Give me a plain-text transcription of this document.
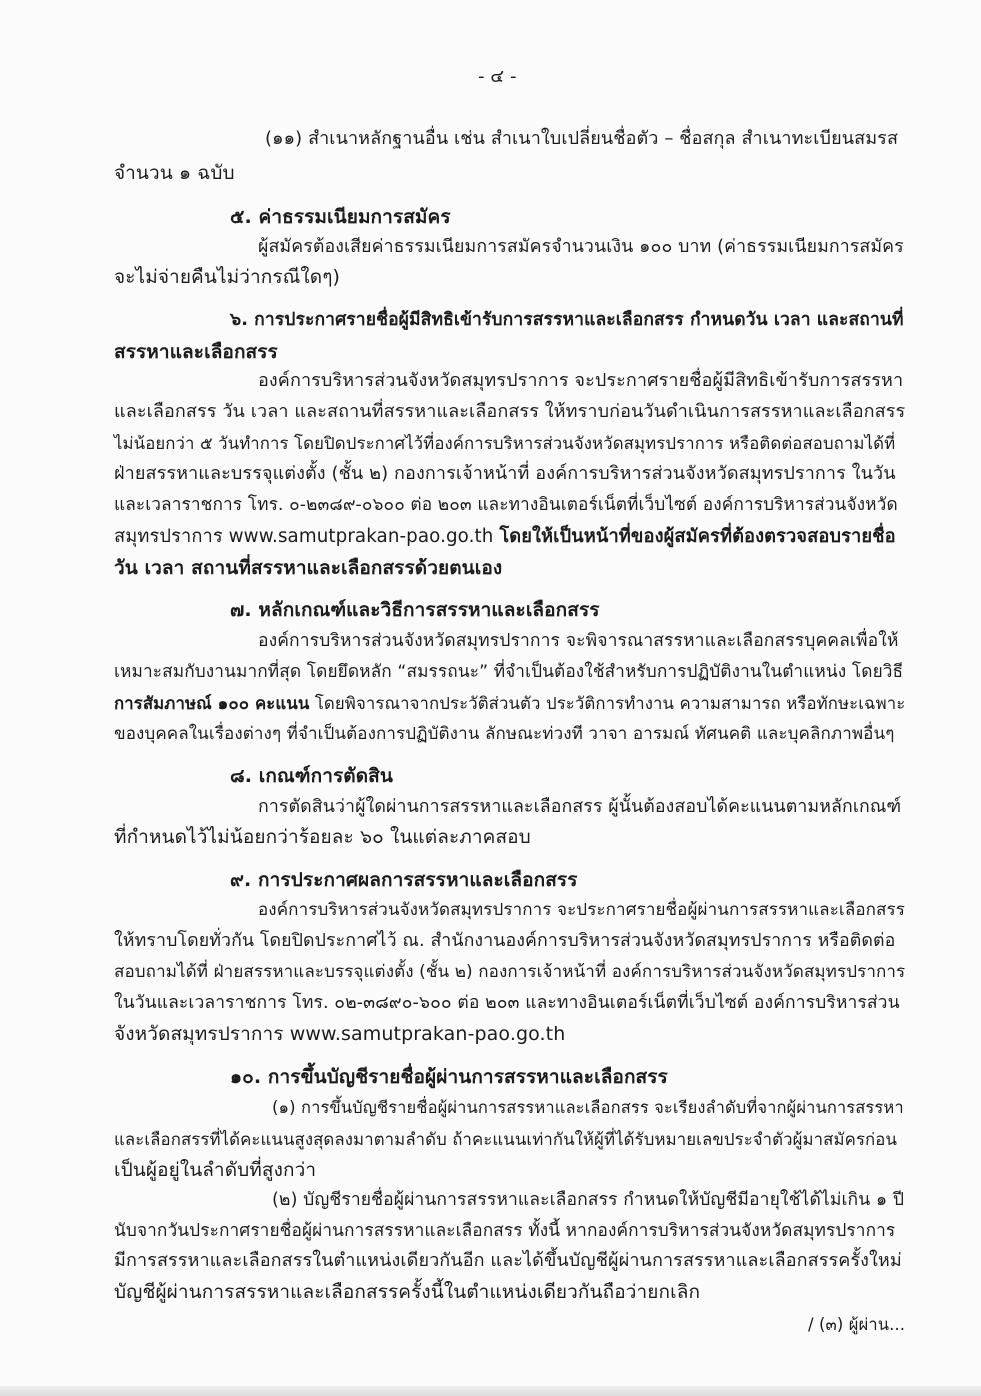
- ๔ -
(๑๑) สำเนาหลักฐานอื่น เช่น สำเนาใบเปลี่ยนชื่อตัว – ชื่อสกุล สำเนาทะเบียนสมรส
จำนวน ๑ ฉบับ
๕. ค่าธรรมเนียมการสมัคร
ผู้สมัครต้องเสียค่าธรรมเนียมการสมัครจำนวนเงิน ๑๐๐ บาท (ค่าธรรมเนียมการสมัคร
จะไม่จ่ายคืนไม่ว่ากรณีใดๆ)
๖. การประกาศรายชื่อผู้มีสิทธิเข้ารับการสรรหาและเลือกสรร กำหนดวัน เวลา และสถานที่
สรรหาและเลือกสรร
องค์การบริหารส่วนจังหวัดสมุทรปราการ จะประกาศรายชื่อผู้มีสิทธิเข้ารับการสรรหา
และเลือกสรร วัน เวลา และสถานที่สรรหาและเลือกสรร ให้ทราบก่อนวันดำเนินการสรรหาและเลือกสรร
ไม่น้อยกว่า ๕ วันทำการ โดยปิดประกาศไว้ที่องค์การบริหารส่วนจังหวัดสมุทรปราการ หรือติดต่อสอบถามได้ที่
ฝ่ายสรรหาและบรรจุแต่งตั้ง (ชั้น ๒) กองการเจ้าหน้าที่ องค์การบริหารส่วนจังหวัดสมุทรปราการ ในวัน
และเวลาราชการ โทร. ๐-๒๓๘๙-๐๖๐๐ ต่อ ๒๐๓ และทางอินเตอร์เน็ตที่เว็บไซต์ องค์การบริหารส่วนจังหวัด
สมุทรปราการ www.samutprakan-pao.go.th โดยให้เป็นหน้าที่ของผู้สมัครที่ต้องตรวจสอบรายชื่อ
วัน เวลา สถานที่สรรหาและเลือกสรรด้วยตนเอง
๗. หลักเกณฑ์และวิธีการสรรหาและเลือกสรร
องค์การบริหารส่วนจังหวัดสมุทรปราการ จะพิจารณาสรรหาและเลือกสรรบุคคลเพื่อให้
เหมาะสมกับงานมากที่สุด โดยยึดหลัก “สมรรถนะ” ที่จำเป็นต้องใช้สำหรับการปฏิบัติงานในตำแหน่ง โดยวิธี
การสัมภาษณ์ ๑๐๐ คะแนน โดยพิจารณาจากประวัติส่วนตัว ประวัติการทำงาน ความสามารถ หรือทักษะเฉพาะ
ของบุคคลในเรื่องต่างๆ ที่จำเป็นต้องการปฏิบัติงาน ลักษณะท่วงที วาจา อารมณ์ ทัศนคติ และบุคลิกภาพอื่นๆ
๘. เกณฑ์การตัดสิน
การตัดสินว่าผู้ใดผ่านการสรรหาและเลือกสรร ผู้นั้นต้องสอบได้คะแนนตามหลักเกณฑ์
ที่กำหนดไว้ไม่น้อยกว่าร้อยละ ๖๐ ในแต่ละภาคสอบ
๙. การประกาศผลการสรรหาและเลือกสรร
องค์การบริหารส่วนจังหวัดสมุทรปราการ จะประกาศรายชื่อผู้ผ่านการสรรหาและเลือกสรร
ให้ทราบโดยทั่วกัน โดยปิดประกาศไว้ ณ. สำนักงานองค์การบริหารส่วนจังหวัดสมุทรปราการ หรือติดต่อ
สอบถามได้ที่ ฝ่ายสรรหาและบรรจุแต่งตั้ง (ชั้น ๒) กองการเจ้าหน้าที่ องค์การบริหารส่วนจังหวัดสมุทรปราการ
ในวันและเวลาราชการ โทร. ๐๒-๓๘๙๐-๖๐๐ ต่อ ๒๐๓ และทางอินเตอร์เน็ตที่เว็บไซต์ องค์การบริหารส่วน
จังหวัดสมุทรปราการ www.samutprakan-pao.go.th
๑๐. การขึ้นบัญชีรายชื่อผู้ผ่านการสรรหาและเลือกสรร
(๑) การขึ้นบัญชีรายชื่อผู้ผ่านการสรรหาและเลือกสรร จะเรียงลำดับที่จากผู้ผ่านการสรรหา
และเลือกสรรที่ได้คะแนนสูงสุดลงมาตามลำดับ ถ้าคะแนนเท่ากันให้ผู้ที่ได้รับหมายเลขประจำตัวผู้มาสมัครก่อน
เป็นผู้อยู่ในลำดับที่สูงกว่า
(๒) บัญชีรายชื่อผู้ผ่านการสรรหาและเลือกสรร กำหนดให้บัญชีมีอายุใช้ได้ไม่เกิน ๑ ปี
นับจากวันประกาศรายชื่อผู้ผ่านการสรรหาและเลือกสรร ทั้งนี้ หากองค์การบริหารส่วนจังหวัดสมุทรปราการ
มีการสรรหาและเลือกสรรในตำแหน่งเดียวกันอีก และได้ขึ้นบัญชีผู้ผ่านการสรรหาและเลือกสรรครั้งใหม่
บัญชีผู้ผ่านการสรรหาและเลือกสรรครั้งนี้ในตำแหน่งเดียวกันถือว่ายกเลิก
/ (๓) ผู้ผ่าน...
